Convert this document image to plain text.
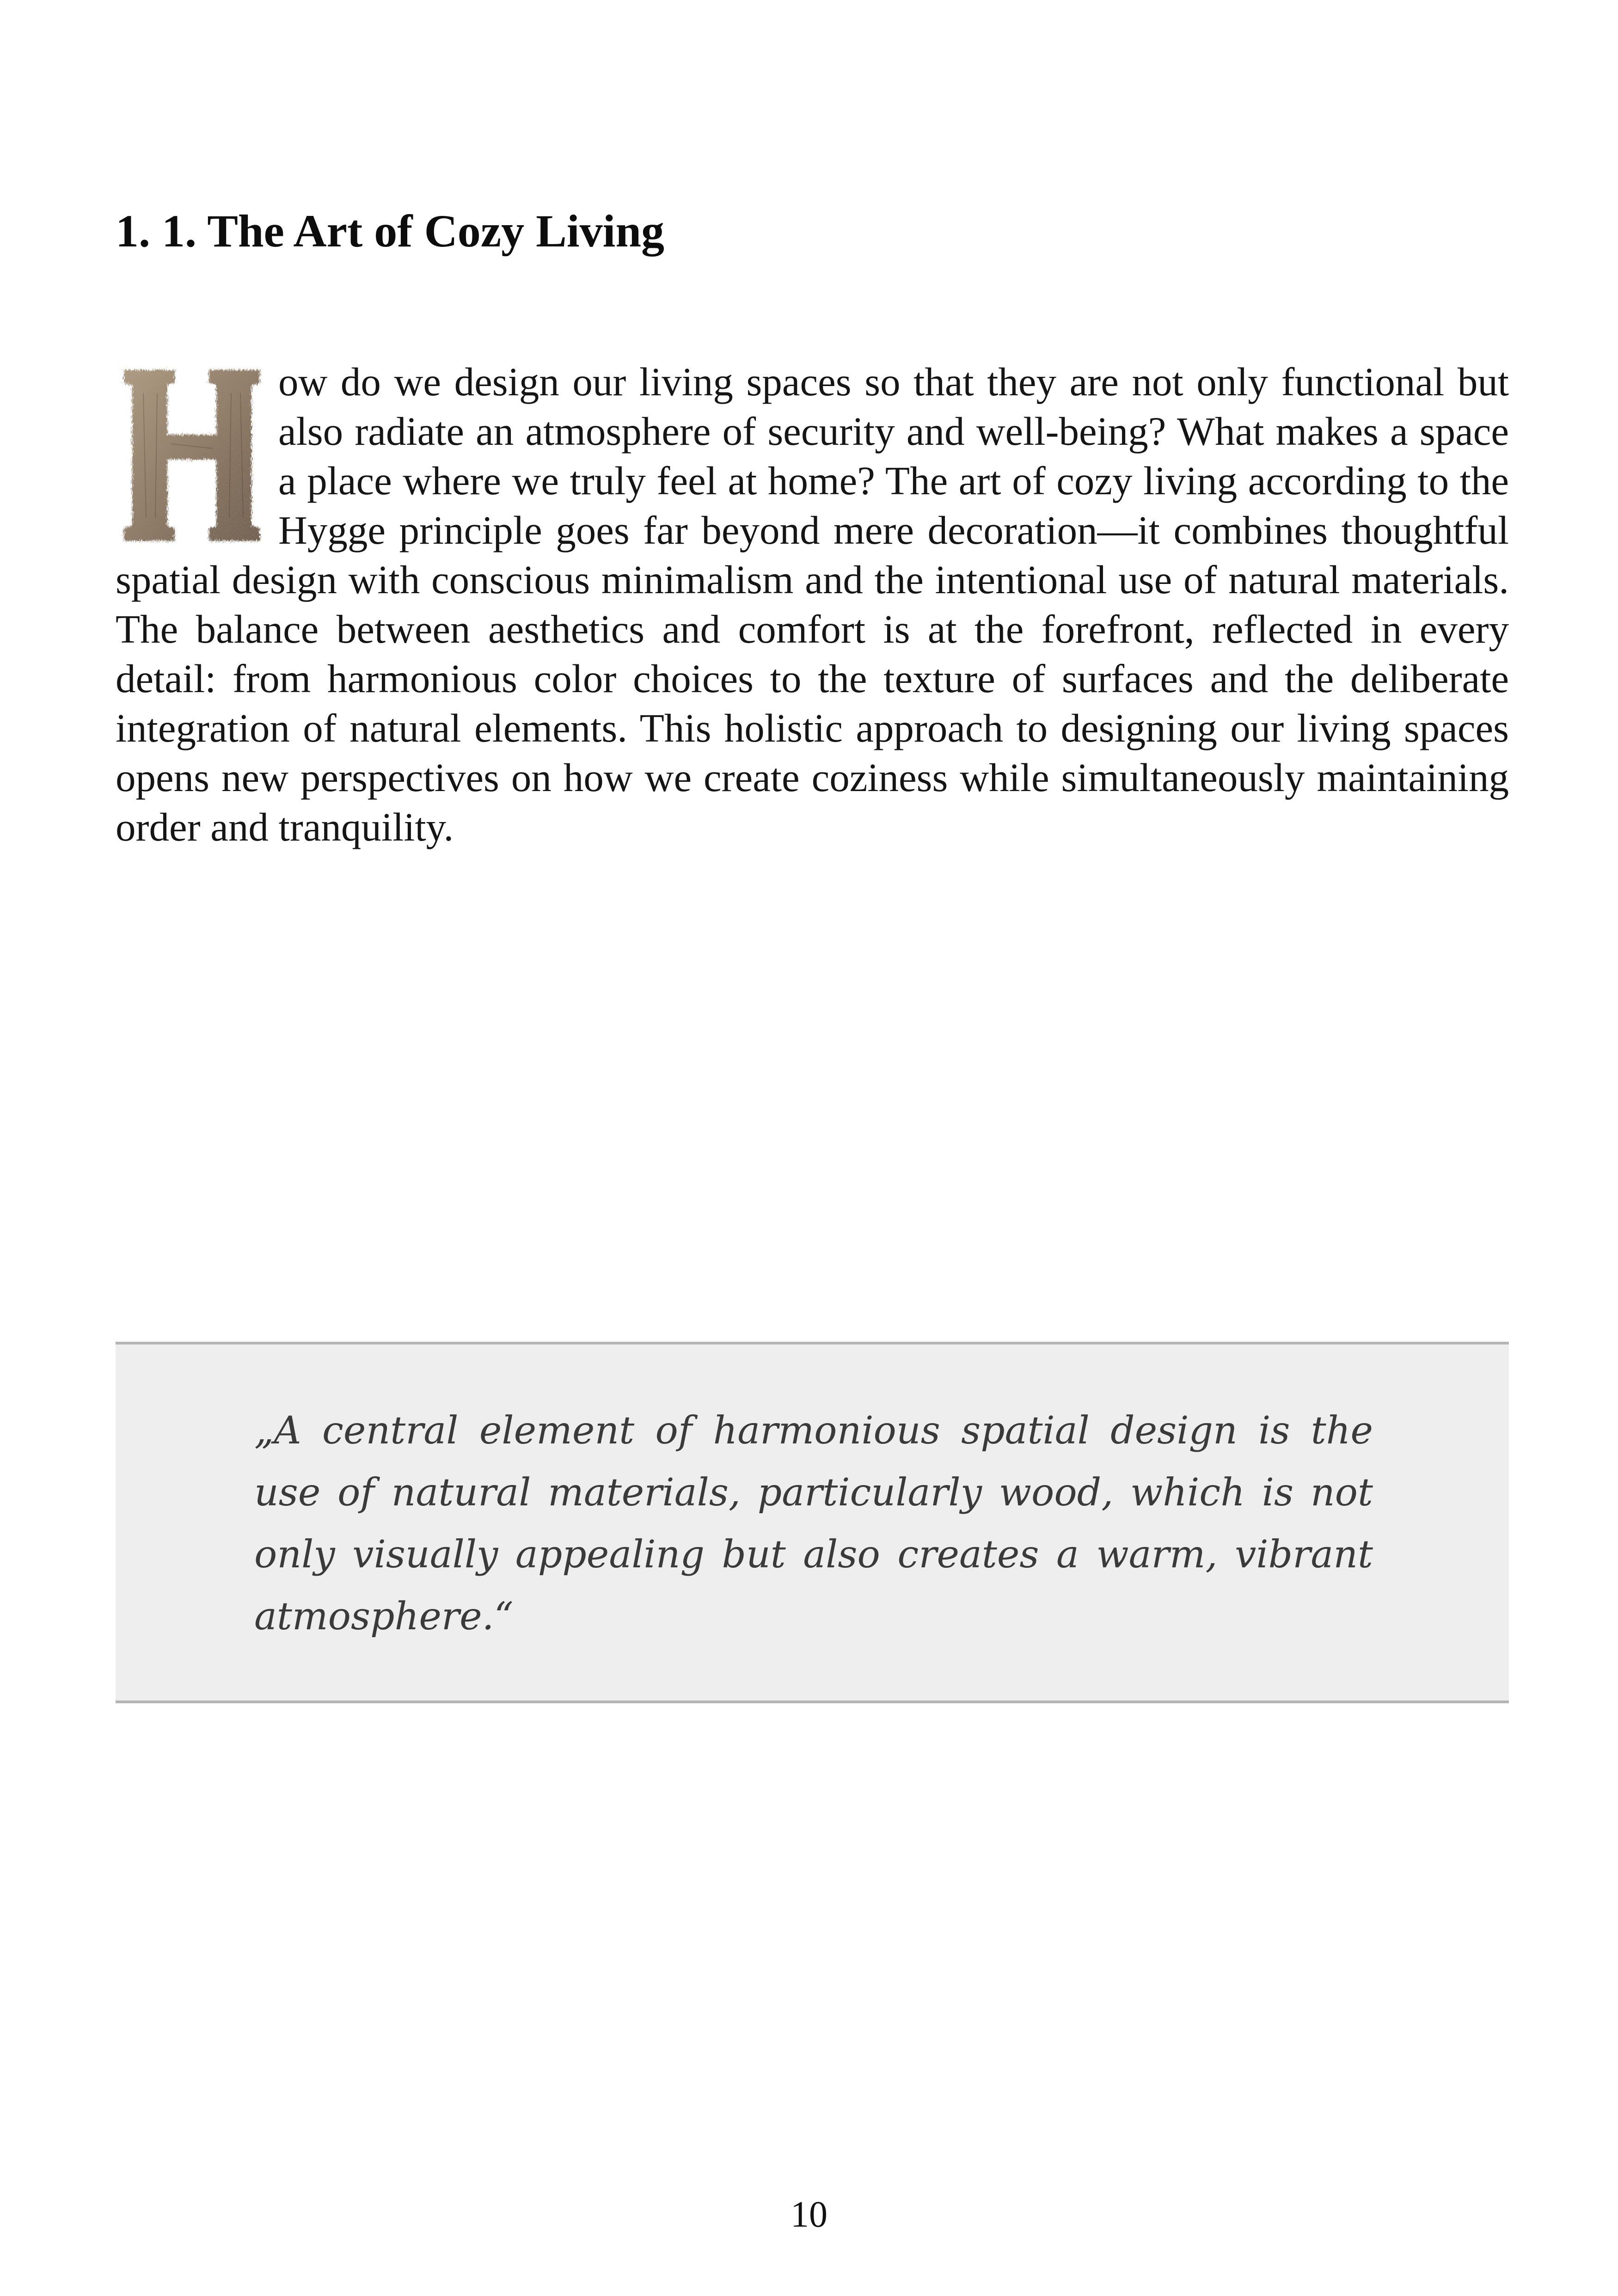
1. 1. The Art of Cozy Living
ow do we design our living spaces so that they are not only functional but also radiate an atmosphere of security and well-being? What makes a space a place where we truly feel at home? The art of cozy living according to the Hygge principle goes far beyond mere decoration—it combines thoughtful spatial design with conscious minimalism and the intentional use of natural materials. The balance between aesthetics and comfort is at the forefront, reflected in every detail: from harmonious color choices to the texture of surfaces and the deliberate integration of natural elements. This holistic approach to designing our living spaces opens new perspectives on how we create coziness while simultaneously maintaining order and tranquility.

„A central element of harmonious spatial design is the use of natural materials, particularly wood, which is not only visually appealing but also creates a warm, vibrant atmosphere.“

10
